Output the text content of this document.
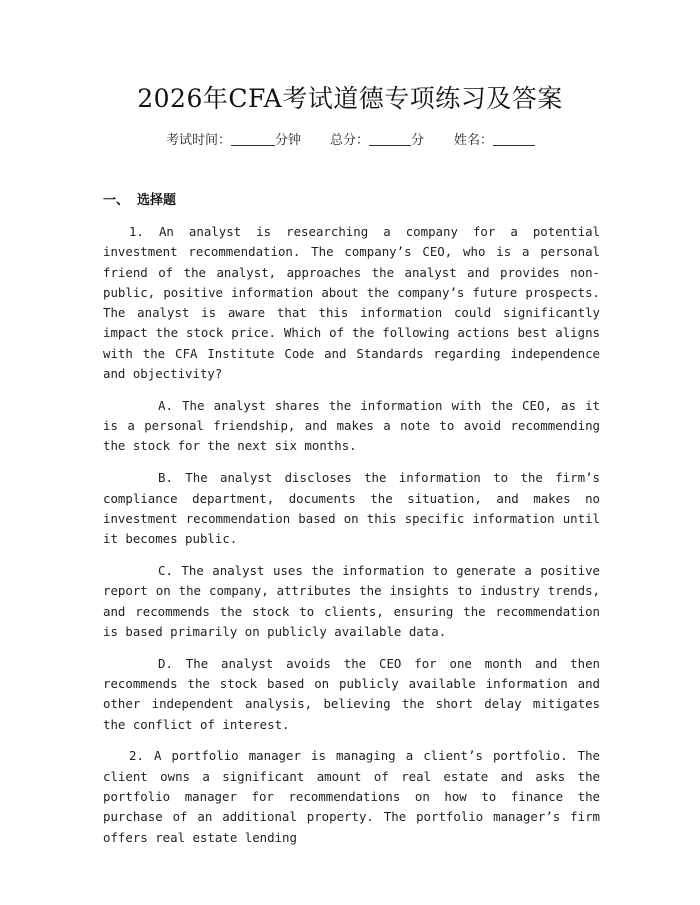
2026年CFA考试道德专项练习及答案
考试时间：	分钟 总分：	分 姓名：
一、 选择题

1. An analyst is researching a company for a potential investment recommendation. The company’s CEO, who is a personal friend of the analyst, approaches the analyst and provides non-public, positive information about the company’s future prospects. The analyst is aware that this information could significantly impact the stock price. Which of the following actions best aligns with the CFA Institute Code and Standards regarding independence and objectivity?

A. The analyst shares the information with the CEO, as it is a personal friendship, and makes a note to avoid recommending the stock for the next six months.

B. The analyst discloses the information to the firm’s compliance department, documents the situation, and makes no investment recommendation based on this specific information until it becomes public.

C. The analyst uses the information to generate a positive report on the company, attributes the insights to industry trends, and recommends the stock to clients, ensuring the recommendation is based primarily on publicly available data.

D. The analyst avoids the CEO for one month and then recommends the stock based on publicly available information and other independent analysis, believing the short delay mitigates the conflict of interest.

2. A portfolio manager is managing a client’s portfolio. The client owns a significant amount of real estate and asks the portfolio manager for recommendations on how to finance the purchase of an additional property. The portfolio manager’s firm offers real estate lending
